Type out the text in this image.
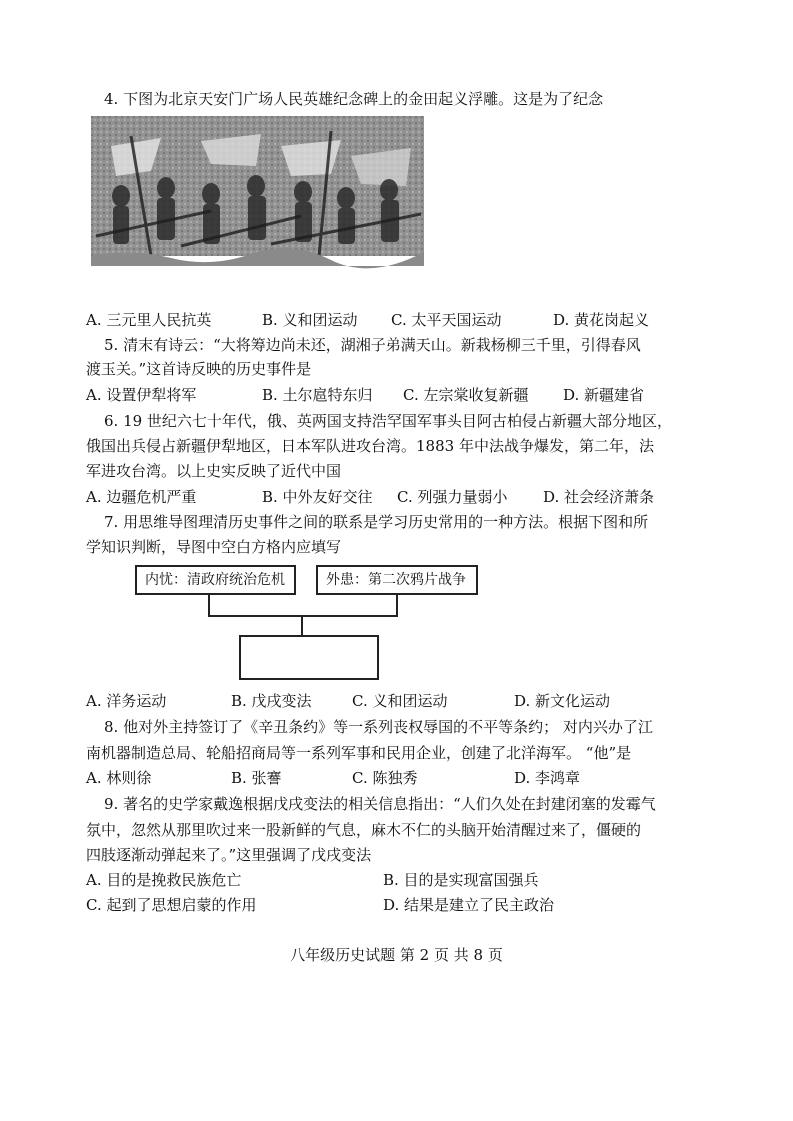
4. 下图为北京天安门广场人民英雄纪念碑上的金田起义浮雕。这是为了纪念
A. 三元里人民抗英	B. 义和团运动 C. 太平天国运动	D. 黄花岗起义
5. 清末有诗云：“大将筹边尚未还，湖湘子弟满天山。新栽杨柳三千里，引得春风
渡玉关。”这首诗反映的历史事件是
A. 设置伊犁将军	B. 土尔扈特东归 C. 左宗棠收复新疆 D. 新疆建省
6. 19 世纪六七十年代，俄、英两国支持浩罕国军事头目阿古柏侵占新疆大部分地区，
俄国出兵侵占新疆伊犁地区，日本军队进攻台湾。1883 年中法战争爆发，第二年，法
军进攻台湾。以上史实反映了近代中国
A. 边疆危机严重	B. 中外友好交往 C. 列强力量弱小 D. 社会经济萧条
7. 用思维导图理清历史事件之间的联系是学习历史常用的一种方法。根据下图和所
学知识判断，导图中空白方格内应填写
内忧：清政府统治危机	外患：第二次鸦片战争
A. 洋务运动	B. 戊戌变法	C. 义和团运动	D. 新文化运动
8. 他对外主持签订了《辛丑条约》等一系列丧权辱国的不平等条约； 对内兴办了江
南机器制造总局、轮船招商局等一系列军事和民用企业，创建了北洋海军。 “他”是
A. 林则徐	B. 张謇	C. 陈独秀	D. 李鸿章
9. 著名的史学家戴逸根据戊戌变法的相关信息指出：“人们久处在封建闭塞的发霉气
氛中，忽然从那里吹过来一股新鲜的气息，麻木不仁的头脑开始清醒过来了，僵硬的
四肢逐渐动弹起来了。”这里强调了戊戌变法
A. 目的是挽救民族危亡	B. 目的是实现富国强兵
C. 起到了思想启蒙的作用	D. 结果是建立了民主政治
八年级历史试题 第 2 页 共 8 页
